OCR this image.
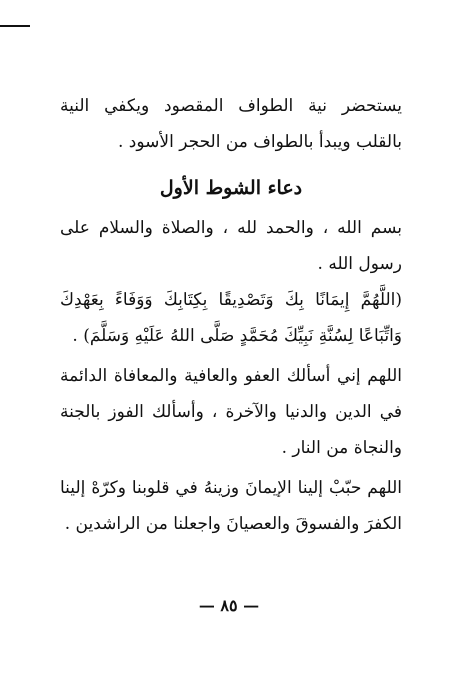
يستحضر نية الطواف المقصود ويكفي النية بالقلب ويبدأ بالطواف من الحجر الأسود .

دعاء الشوط الأول

بسم الله ، والحمد لله ، والصلاة والسلام على رسول الله .

(اللَّهُمَّ إِيمَانًا بِكَ وَتَصْدِيقًا بِكِتَابِكَ وَوَفَاءً بِعَهْدِكَ وَاتِّبَاعًا لِسُنَّةِ نَبِيِّكَ مُحَمَّدٍ صَلَّى اللهُ عَلَيْهِ وَسَلَّمَ) .

اللهم إني أسألك العفو والعافية والمعافاة الدائمة في الدين والدنيا والآخرة ، وأسألك الفوز بالجنة والنجاة من النار .

اللهم حبّبْ إلينا الإيمانَ وزينهُ في قلوبنا وكرّهْ إلينا الكفرَ والفسوقَ والعصيانَ واجعلنا من الراشدين .

— ٨٥ —
